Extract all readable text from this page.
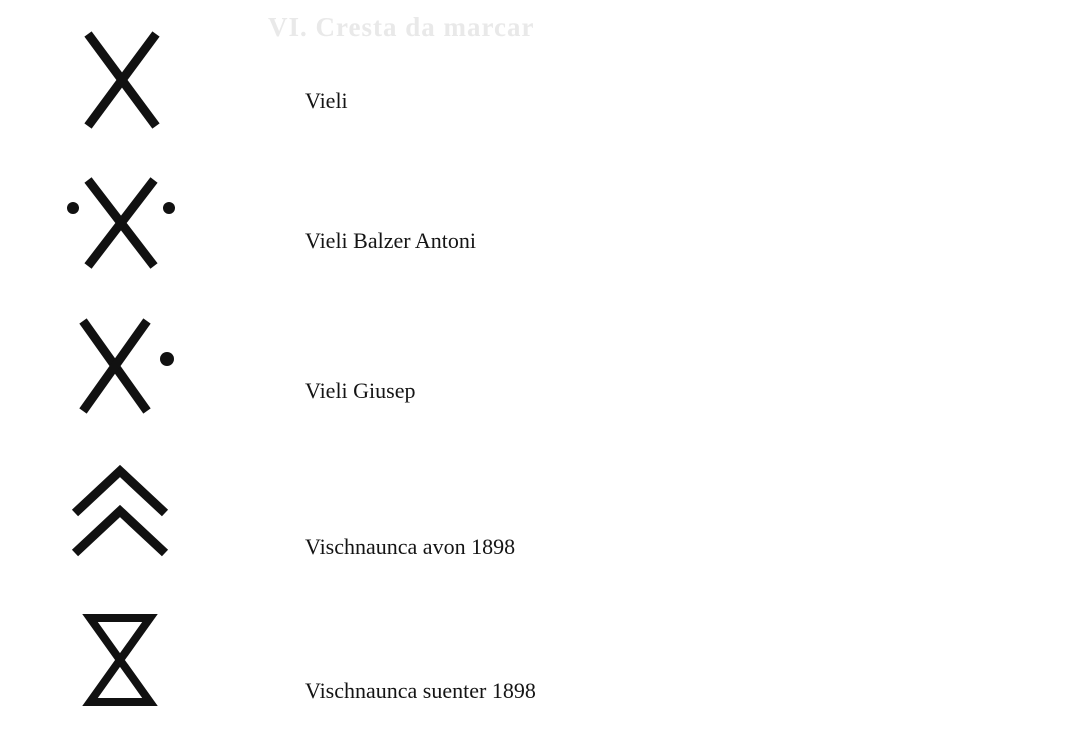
VI. Cresta da marcar
Vieli
Vieli Balzer Antoni
Vieli Giusep
Vischnaunca avon 1898
Vischnaunca suenter 1898
